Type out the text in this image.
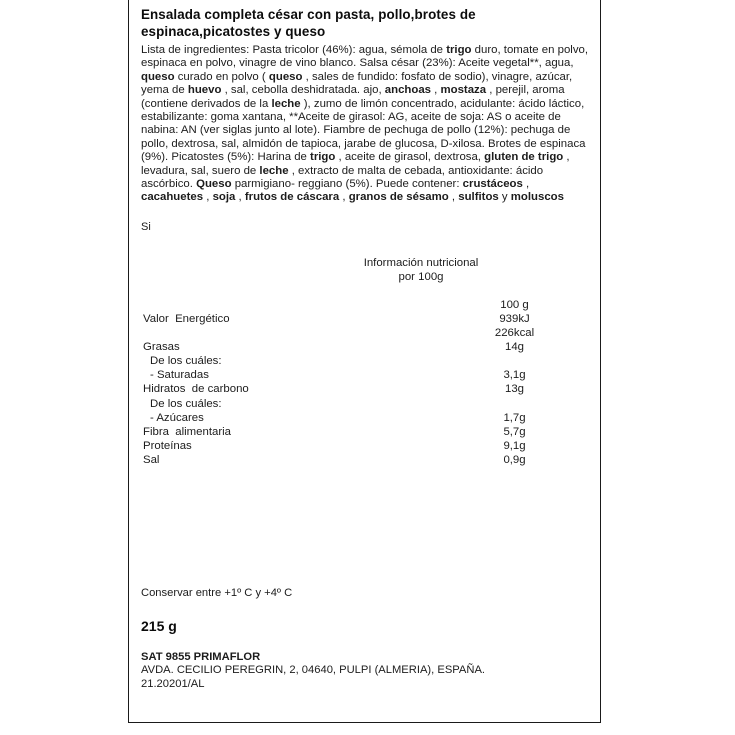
Ensalada completa césar con pasta, pollo,brotes de espinaca,picatostes y queso
Lista de ingredientes: Pasta tricolor (46%): agua, sémola de trigo duro, tomate en polvo, espinaca en polvo, vinagre de vino blanco. Salsa césar (23%): Aceite vegetal**, agua, queso curado en polvo ( queso , sales de fundido: fosfato de sodio), vinagre, azúcar, yema de huevo , sal, cebolla deshidratada. ajo, anchoas , mostaza , perejil, aroma (contiene derivados de la leche ), zumo de limón concentrado, acidulante: ácido láctico, estabilizante: goma xantana, **Aceite de girasol: AG, aceite de soja: AS o aceite de nabina: AN (ver siglas junto al lote). Fiambre de pechuga de pollo (12%): pechuga de pollo, dextrosa, sal, almidón de tapioca, jarabe de glucosa, D-xilosa. Brotes de espinaca (9%). Picatostes (5%): Harina de trigo , aceite de girasol, dextrosa, gluten de trigo , levadura, sal, suero de leche , extracto de malta de cebada, antioxidante: ácido ascórbico. Queso parmigiano- reggiano (5%). Puede contener: crustáceos , cacahuetes , soja , frutos de cáscara , granos de sésamo , sulfitos y moluscos
Si
Información nutricional
por 100g
	100 g
Valor  Energético	939kJ
	226kcal
Grasas	14g
De los cuáles:	
- Saturadas	3,1g
Hidratos  de carbono	13g
De los cuáles:	
- Azúcares	1,7g
Fibra  alimentaria	5,7g
Proteínas	9,1g
Sal	0,9g
Conservar entre +1º C y +4º C
215 g
SAT 9855 PRIMAFLOR
AVDA. CECILIO PEREGRIN, 2, 04640, PULPI (ALMERIA), ESPAÑA.
21.20201/AL
